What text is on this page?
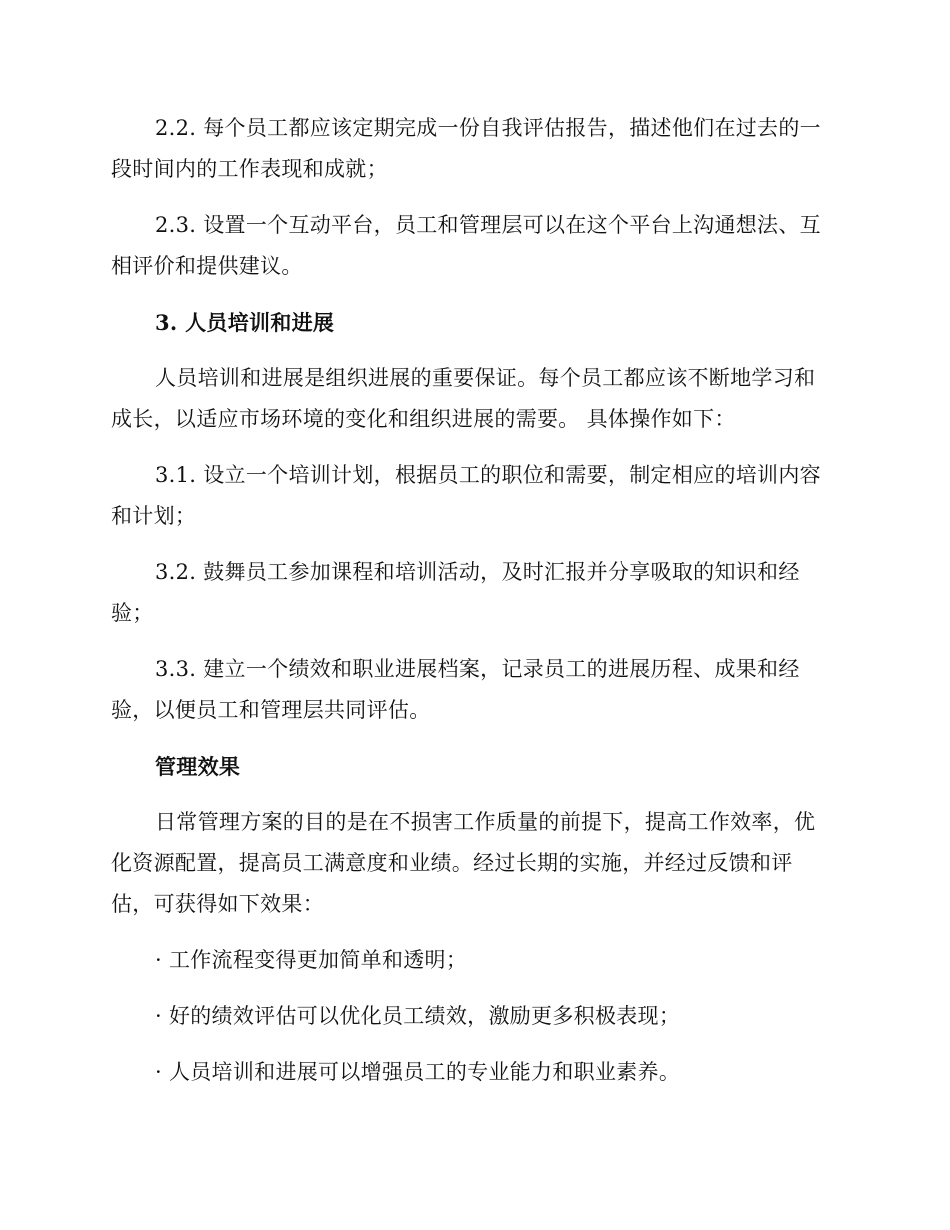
2.2. 每个员工都应该定期完成一份自我评估报告，描述他们在过去的一段时间内的工作表现和成就；

2.3. 设置一个互动平台，员工和管理层可以在这个平台上沟通想法、互相评价和提供建议。

3. 人员培训和进展

人员培训和进展是组织进展的重要保证。每个员工都应该不断地学习和成长，以适应市场环境的变化和组织进展的需要。 具体操作如下：

3.1. 设立一个培训计划，根据员工的职位和需要，制定相应的培训内容和计划；

3.2. 鼓舞员工参加课程和培训活动，及时汇报并分享吸取的知识和经验；

3.3. 建立一个绩效和职业进展档案，记录员工的进展历程、成果和经验，以便员工和管理层共同评估。

管理效果

日常管理方案的目的是在不损害工作质量的前提下，提高工作效率，优化资源配置，提高员工满意度和业绩。经过长期的实施，并经过反馈和评估，可获得如下效果：

· 工作流程变得更加简单和透明；

· 好的绩效评估可以优化员工绩效，激励更多积极表现；

· 人员培训和进展可以增强员工的专业能力和职业素养。
